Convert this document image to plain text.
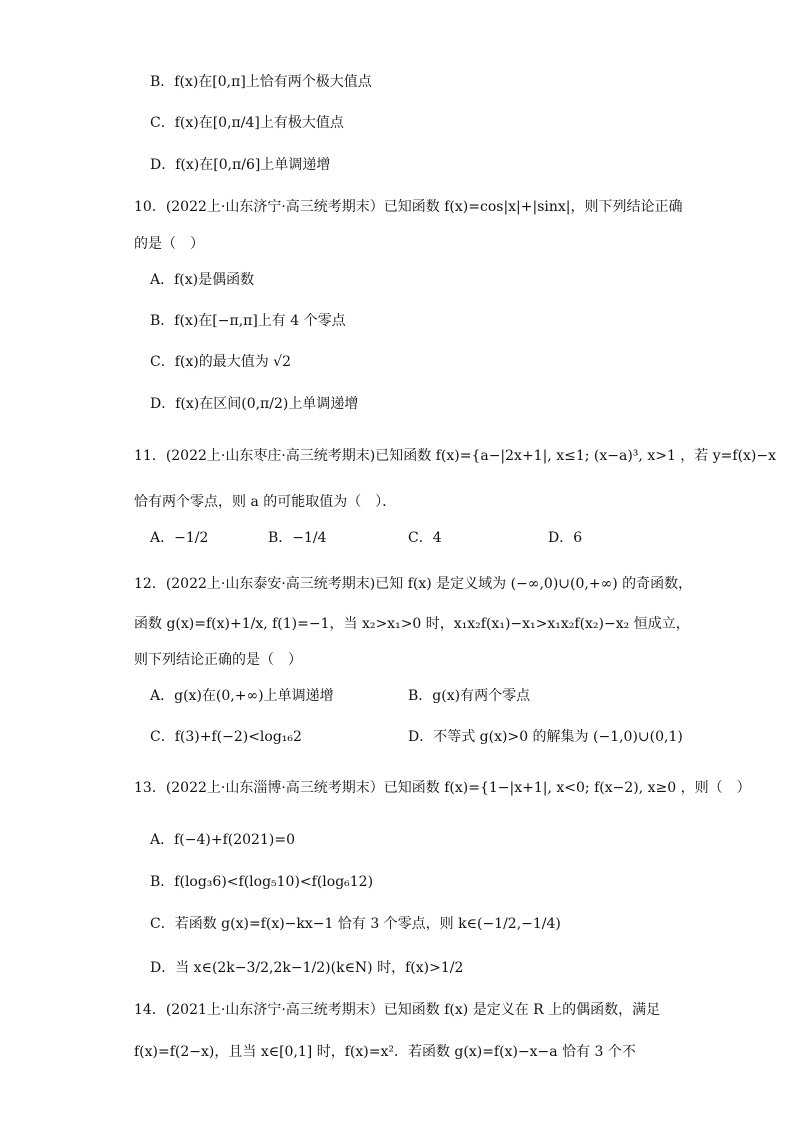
B．f(x)在[0,π]上恰有两个极大值点
C．f(x)在[0,π/4]上有极大值点
D．f(x)在[0,π/6]上单调递增
10．(2022上·山东济宁·高三统考期末）已知函数 f(x)=cos|x|+|sinx|，则下列结论正确
的是（　）
A．f(x)是偶函数
B．f(x)在[−π,π]上有 4 个零点
C．f(x)的最大值为 √2
D．f(x)在区间(0,π/2)上单调递增
11．(2022上·山东枣庄·高三统考期末)已知函数 f(x)={a−|2x+1|, x≤1; (x−a)³, x>1 ，若 y=f(x)−x
恰有两个零点，则 a 的可能取值为（　）．
A．−1/2	B．−1/4	C．4	D．6
12．(2022上·山东泰安·高三统考期末)已知 f(x) 是定义域为 (−∞,0)∪(0,+∞) 的奇函数，
函数 g(x)=f(x)+1/x, f(1)=−1，当 x₂>x₁>0 时，x₁x₂f(x₁)−x₁>x₁x₂f(x₂)−x₂ 恒成立，
则下列结论正确的是（　）
A．g(x)在(0,+∞)上单调递增	B．g(x)有两个零点
C．f(3)+f(−2)<log₁₆2	D．不等式 g(x)>0 的解集为 (−1,0)∪(0,1)
13．(2022上·山东淄博·高三统考期末）已知函数 f(x)={1−|x+1|, x<0; f(x−2), x≥0 ，则（　）
A．f(−4)+f(2021)=0
B．f(log₃6)<f(log₅10)<f(log₆12)
C．若函数 g(x)=f(x)−kx−1 恰有 3 个零点，则 k∈(−1/2,−1/4)
D．当 x∈(2k−3/2,2k−1/2)(k∈N) 时，f(x)>1/2
14．(2021上·山东济宁·高三统考期末）已知函数 f(x) 是定义在 R 上的偶函数，满足
f(x)=f(2−x)，且当 x∈[0,1] 时，f(x)=x²．若函数 g(x)=f(x)−x−a 恰有 3 个不
